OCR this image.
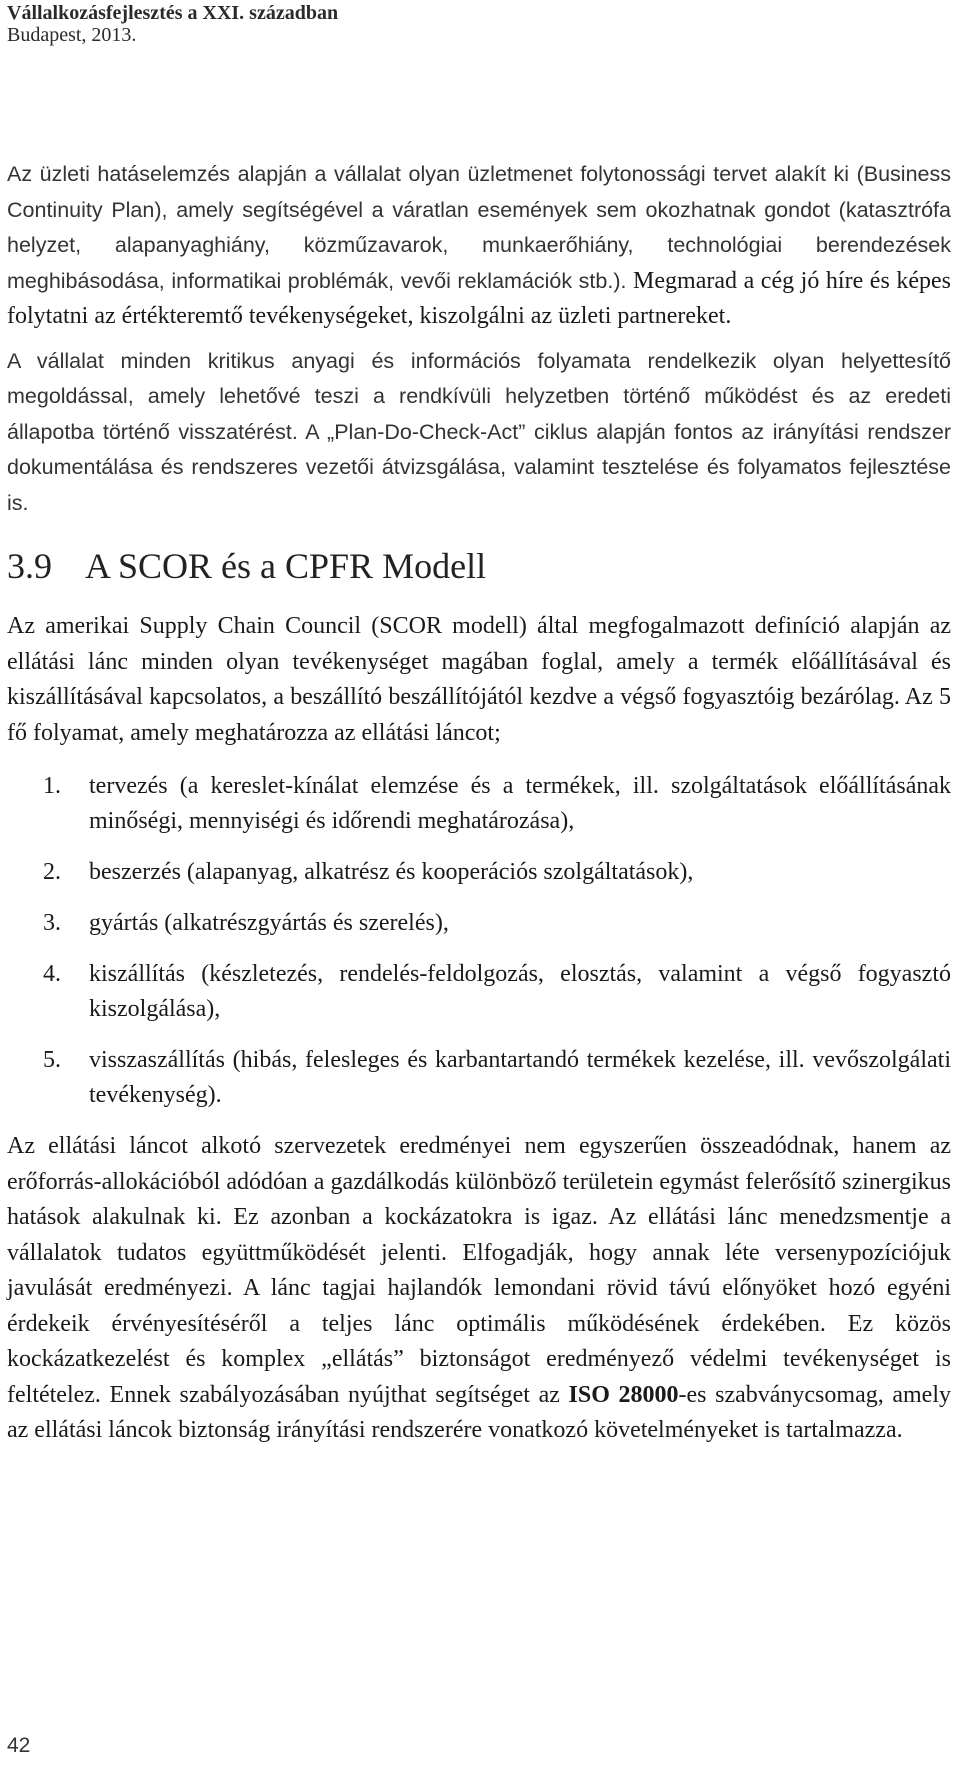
Vállalkozásfejlesztés a XXI. században
Budapest, 2013.

Az üzleti hatáselemzés alapján a vállalat olyan üzletmenet folytonossági tervet alakít ki (Business Continuity Plan), amely segítségével a váratlan események sem okozhatnak gondot (katasztrófa helyzet, alapanyaghiány, közműzavarok, munkaerőhiány, technológiai berendezések meghibásodása, informatikai problémák, vevői reklamációk stb.). Megmarad a cég jó híre és képes folytatni az értékteremtő tevékenységeket, kiszolgálni az üzleti partnereket.

A vállalat minden kritikus anyagi és információs folyamata rendelkezik olyan helyettesítő megoldással, amely lehetővé teszi a rendkívüli helyzetben történő működést és az eredeti állapotba történő visszatérést. A „Plan-Do-Check-Act” ciklus alapján fontos az irányítási rendszer dokumentálása és rendszeres vezetői átvizsgálása, valamint tesztelése és folyamatos fejlesztése is.

3.9 A SCOR és a CPFR Modell

Az amerikai Supply Chain Council (SCOR modell) által megfogalmazott definíció alapján az ellátási lánc minden olyan tevékenységet magában foglal, amely a termék előállításával és kiszállításával kapcsolatos, a beszállító beszállítójától kezdve a végső fogyasztóig bezárólag. Az 5 fő folyamat, amely meghatározza az ellátási láncot;

1.	tervezés (a kereslet-kínálat elemzése és a termékek, ill. szolgáltatások előállításának minőségi, mennyiségi és időrendi meghatározása),
2.	beszerzés (alapanyag, alkatrész és kooperációs szolgáltatások),
3.	gyártás (alkatrészgyártás és szerelés),
4.	kiszállítás (készletezés, rendelés-feldolgozás, elosztás, valamint a végső fogyasztó kiszolgálása),
5.	visszaszállítás (hibás, felesleges és karbantartandó termékek kezelése, ill. vevőszolgálati tevékenység).

Az ellátási láncot alkotó szervezetek eredményei nem egyszerűen összeadódnak, hanem az erőforrás-allokációból adódóan a gazdálkodás különböző területein egymást felerősítő szinergikus hatások alakulnak ki. Ez azonban a kockázatokra is igaz. Az ellátási lánc menedzsmentje a vállalatok tudatos együttműködését jelenti. Elfogadják, hogy annak léte versenypozíciójuk javulását eredményezi. A lánc tagjai hajlandók lemondani rövid távú előnyöket hozó egyéni érdekeik érvényesítéséről a teljes lánc optimális működésének érdekében. Ez közös kockázatkezelést és komplex „ellátás” biztonságot eredményező védelmi tevékenységet is feltételez. Ennek szabályozásában nyújthat segítséget az ISO 28000-es szabványcsomag, amely az ellátási láncok biztonság irányítási rendszerére vonatkozó követelményeket is tartalmazza.

42
